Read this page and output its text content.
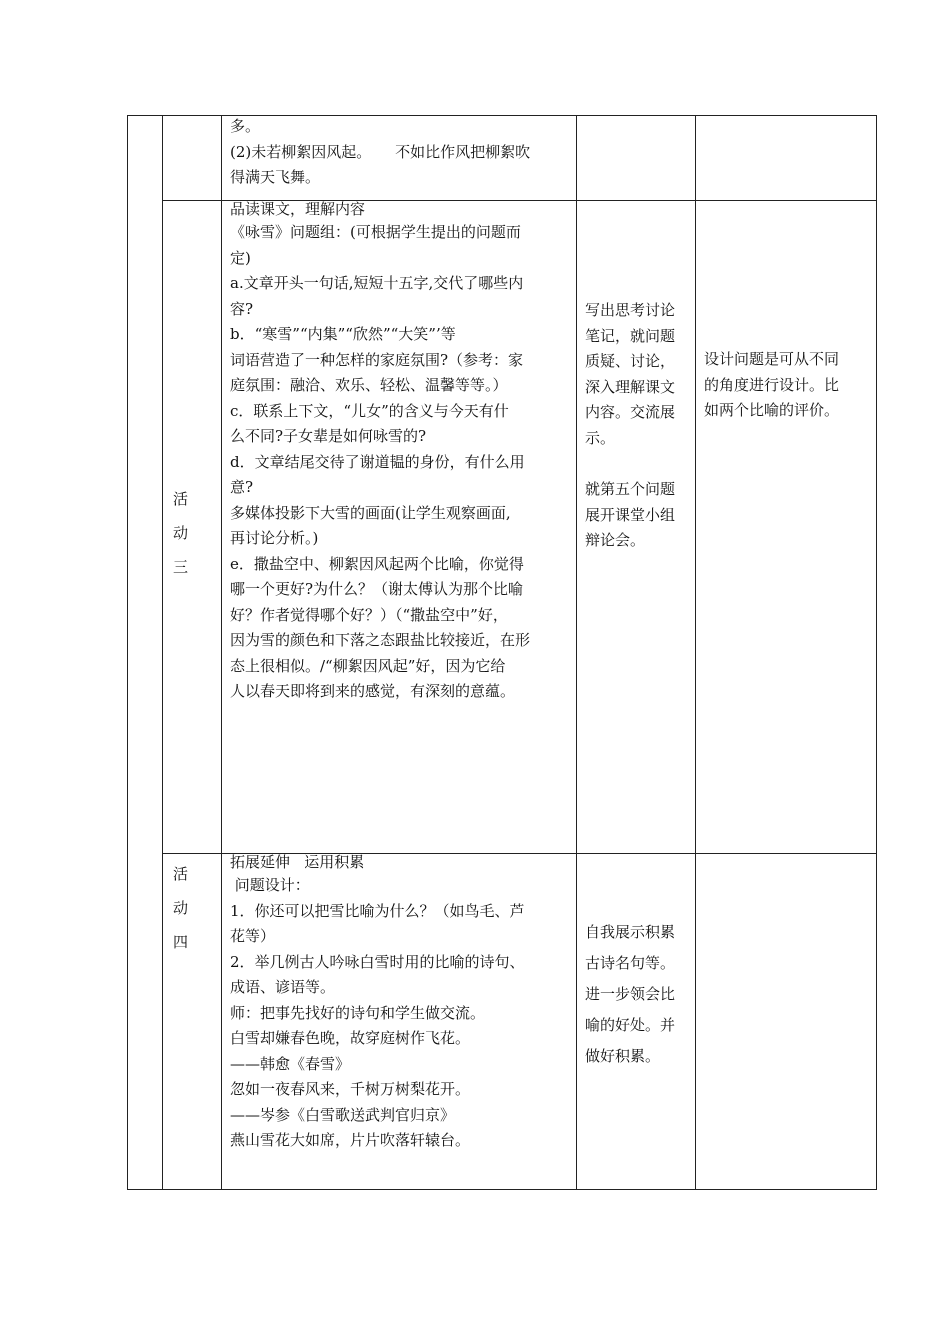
多。

(2)未若柳絮因风起。     不如比作风把柳絮吹

得满天飞舞。

活
动
三

品读课文，理解内容

《咏雪》问题组：(可根据学生提出的问题而

定)

a.文章开头一句话,短短十五字,交代了哪些内

容?

b．“寒雪”“内集”“欣然”“大笑”’等

词语营造了一种怎样的家庭氛围?（参考：家

庭氛围：融洽、欢乐、轻松、温馨等等。）

c．联系上下文，“儿女”的含义与今天有什

么不同?子女辈是如何咏雪的?

d．文章结尾交待了谢道韫的身份，有什么用

意?

多媒体投影下大雪的画面(让学生观察画面,

再讨论分析。)

e．撒盐空中、柳絮因风起两个比喻，你觉得

哪一个更好?为什么？（谢太傅认为那个比喻

好？作者觉得哪个好？）（“撒盐空中”好，

因为雪的颜色和下落之态跟盐比较接近，在形

态上很相似。/“柳絮因风起”好，因为它给

人以春天即将到来的感觉，有深刻的意蕴。

写出思考讨论

笔记，就问题

质疑、讨论，

深入理解课文

内容。交流展

示。

就第五个问题

展开课堂小组

辩论会。

设计问题是可从不同

的角度进行设计。比

如两个比喻的评价。

活
动
四

拓展延伸   运用积累

问题设计：

1．你还可以把雪比喻为什么？（如鸟毛、芦

花等）

2．举几例古人吟咏白雪时用的比喻的诗句、

成语、谚语等。

师：把事先找好的诗句和学生做交流。

白雪却嫌春色晚，故穿庭树作飞花。

——韩愈《春雪》

忽如一夜春风来，千树万树梨花开。

——岑参《白雪歌送武判官归京》

燕山雪花大如席，片片吹落轩辕台。

自我展示积累

古诗名句等。

进一步领会比

喻的好处。并

做好积累。
